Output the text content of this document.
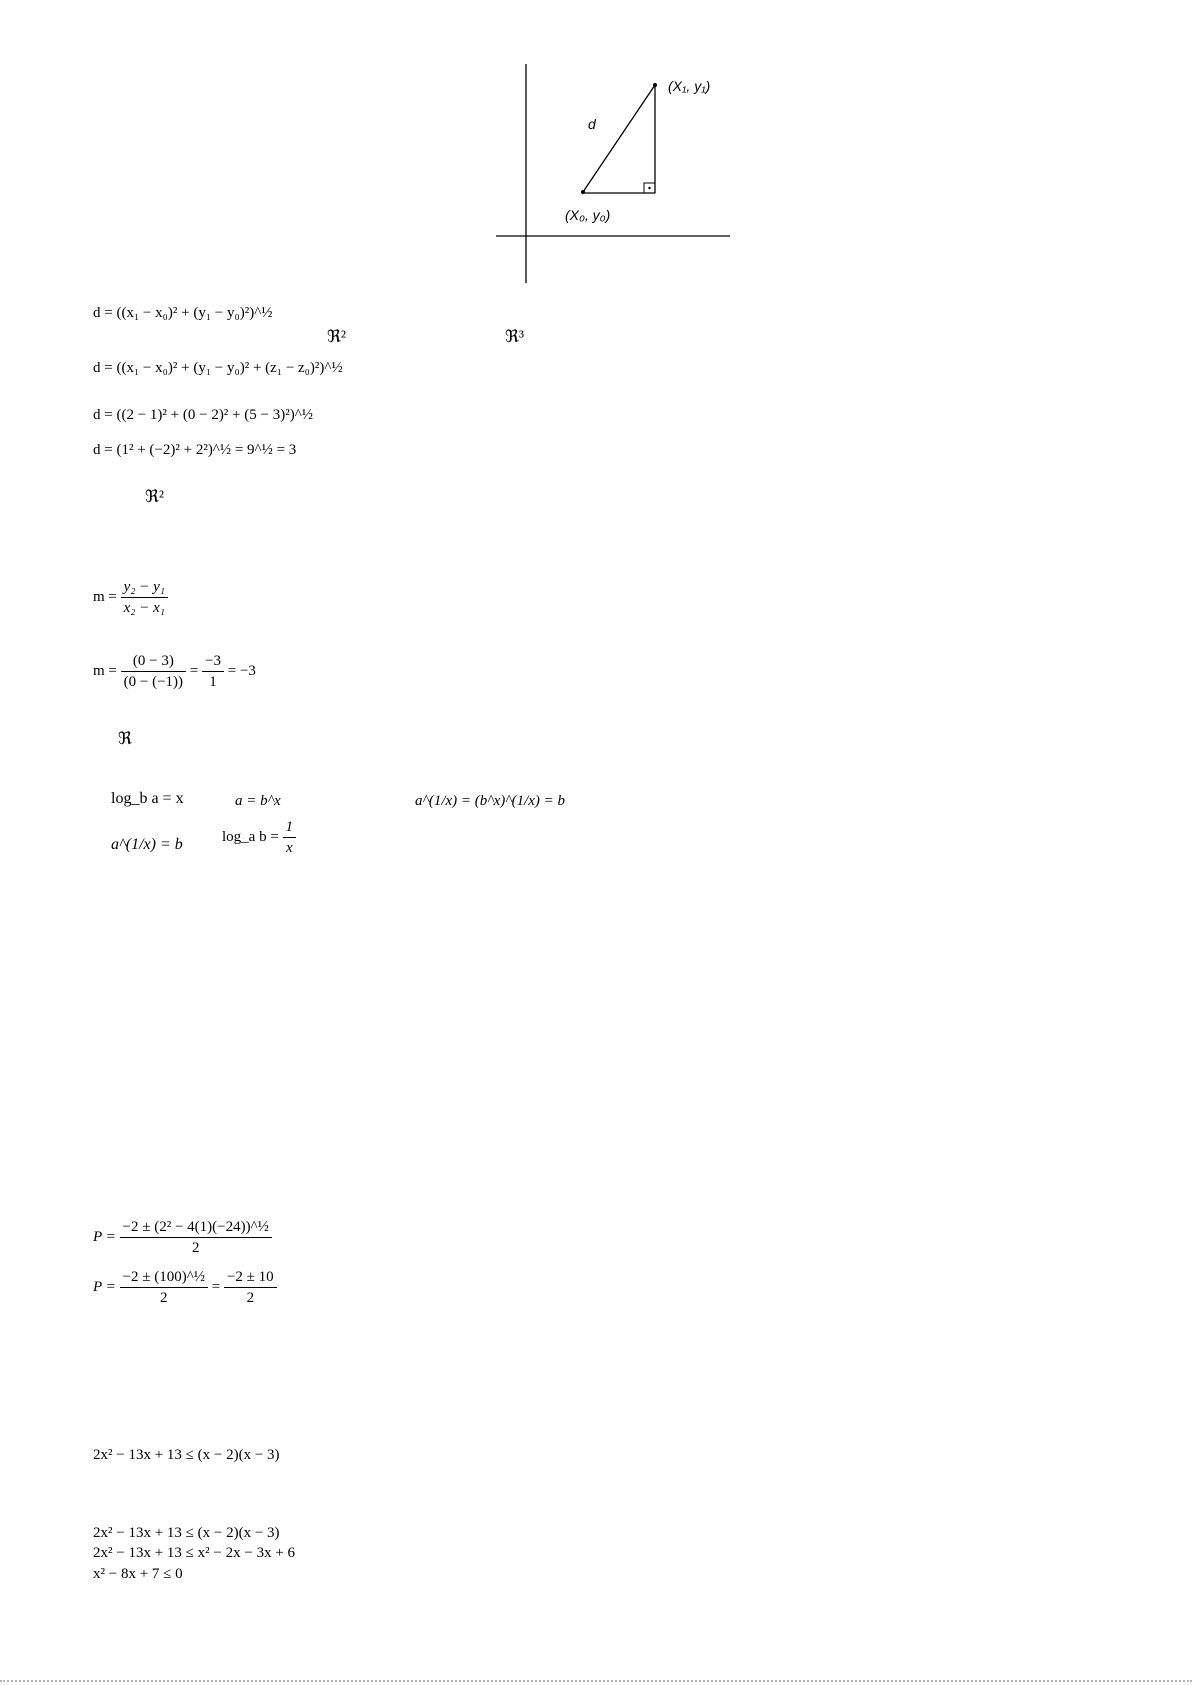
d
(X₁, y₁)
(X₀, y₀)
d = ((x₁ − x₀)² + (y₁ − y₀)²)^½
ℜ²	ℜ³
d = ((x₁ − x₀)² + (y₁ − y₀)² + (z₁ − z₀)²)^½
d = ((2 − 1)² + (0 − 2)² + (5 − 3)²)^½
d = (1² + (−2)² + 2²)^½ = 9^½ = 3
ℜ²
$m = \frac{\text{y₂ − y₁}}{\text{x₂ − x₁}}$
$m = \frac{(0 - 3)}{(0 - (-1))} = \frac{-3}{1} = -3$
ℜ
log_b a = x	a = b^x	a^(1/x) = (b^x)^(1/x) = b
a^(1/x) = b	log_a $b = \frac{1}{x}$
$P = \frac{\text{−2 ± (2² − 4(1)(−24))\textasciicircum{}½}}{2}$
$P = \frac{\text{−2 ± (100)\textasciicircum{}½}}{2} = \frac{-2 \pm 10}{2}$
2x² − 13x + 13 ≤ (x − 2)(x − 3)
2x² − 13x + 13 ≤ (x − 2)(x − 3)
2x² − 13x + 13 ≤ x² − 2x − 3x + 6
x² − 8x + 7 ≤ 0
